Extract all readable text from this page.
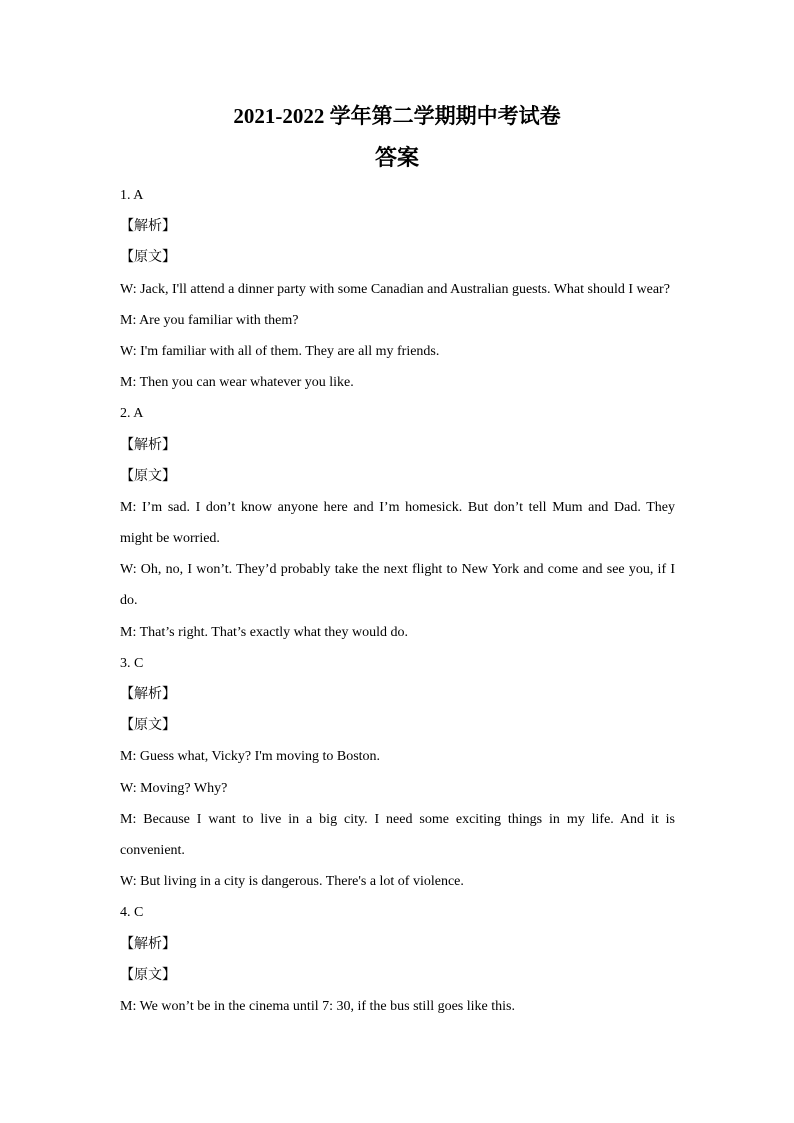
2021-2022 学年第二学期期中考试卷
答案
1. A
【解析】
【原文】
W: Jack, I'll attend a dinner party with some Canadian and Australian guests. What should I wear?
M: Are you familiar with them?
W: I'm familiar with all of them. They are all my friends.
M: Then you can wear whatever you like.
2. A
【解析】
【原文】
M: I’m sad. I don’t know anyone here and I’m homesick. But don’t tell Mum and Dad. They
might be worried.
W: Oh, no, I won’t. They’d probably take the next flight to New York and come and see you, if I
do.
M: That’s right. That’s exactly what they would do.
3. C
【解析】
【原文】
M: Guess what, Vicky? I'm moving to Boston.
W: Moving? Why?
M: Because I want to live in a big city. I need some exciting things in my life. And it is
convenient.
W: But living in a city is dangerous. There's a lot of violence.
4. C
【解析】
【原文】
M: We won’t be in the cinema until 7: 30, if the bus still goes like this.
